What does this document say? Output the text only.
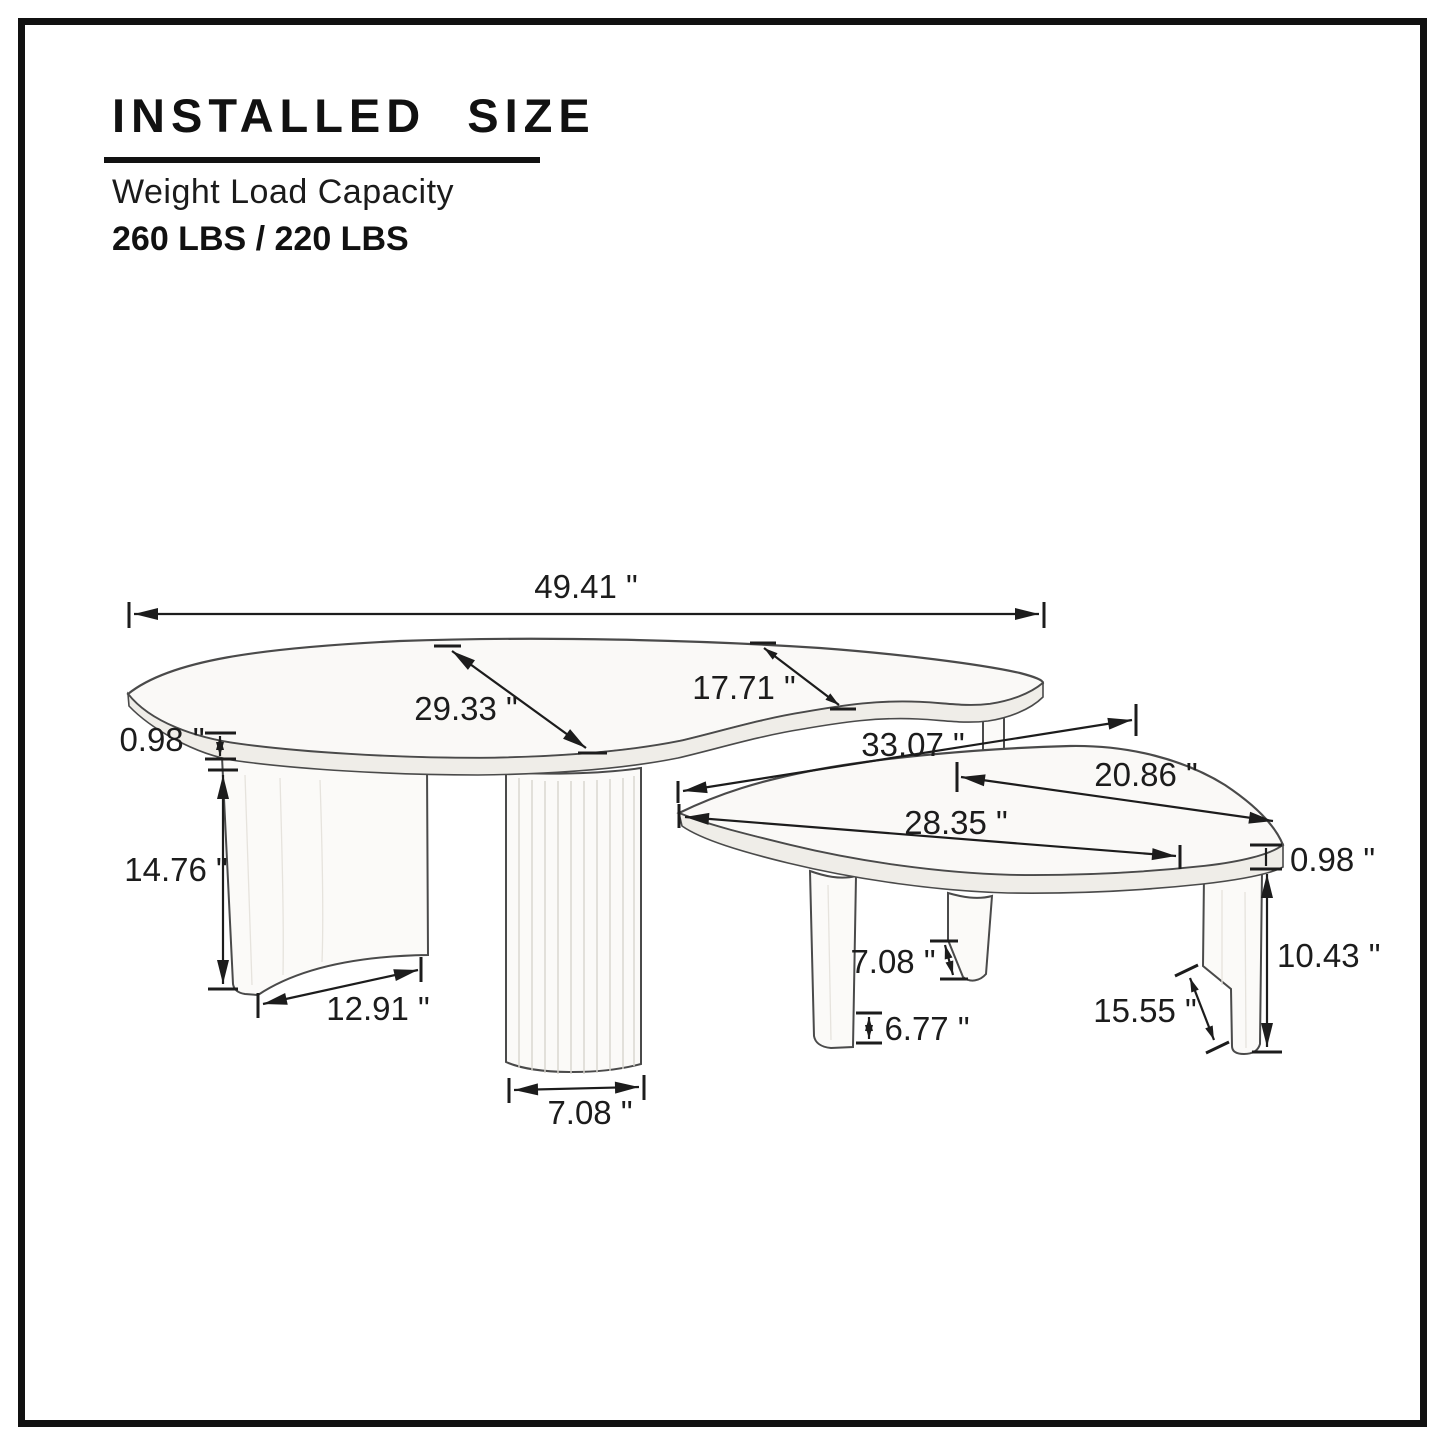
INSTALLED SIZE
Weight Load Capacity
260 LBS / 220 LBS
49.41 "
29.33 "
17.71 "
0.98 "
14.76 "
12.91 "
7.08 "
33.07 "
20.86 "
28.35 "
0.98 "
10.43 "
15.55 "
7.08 "
6.77 "
